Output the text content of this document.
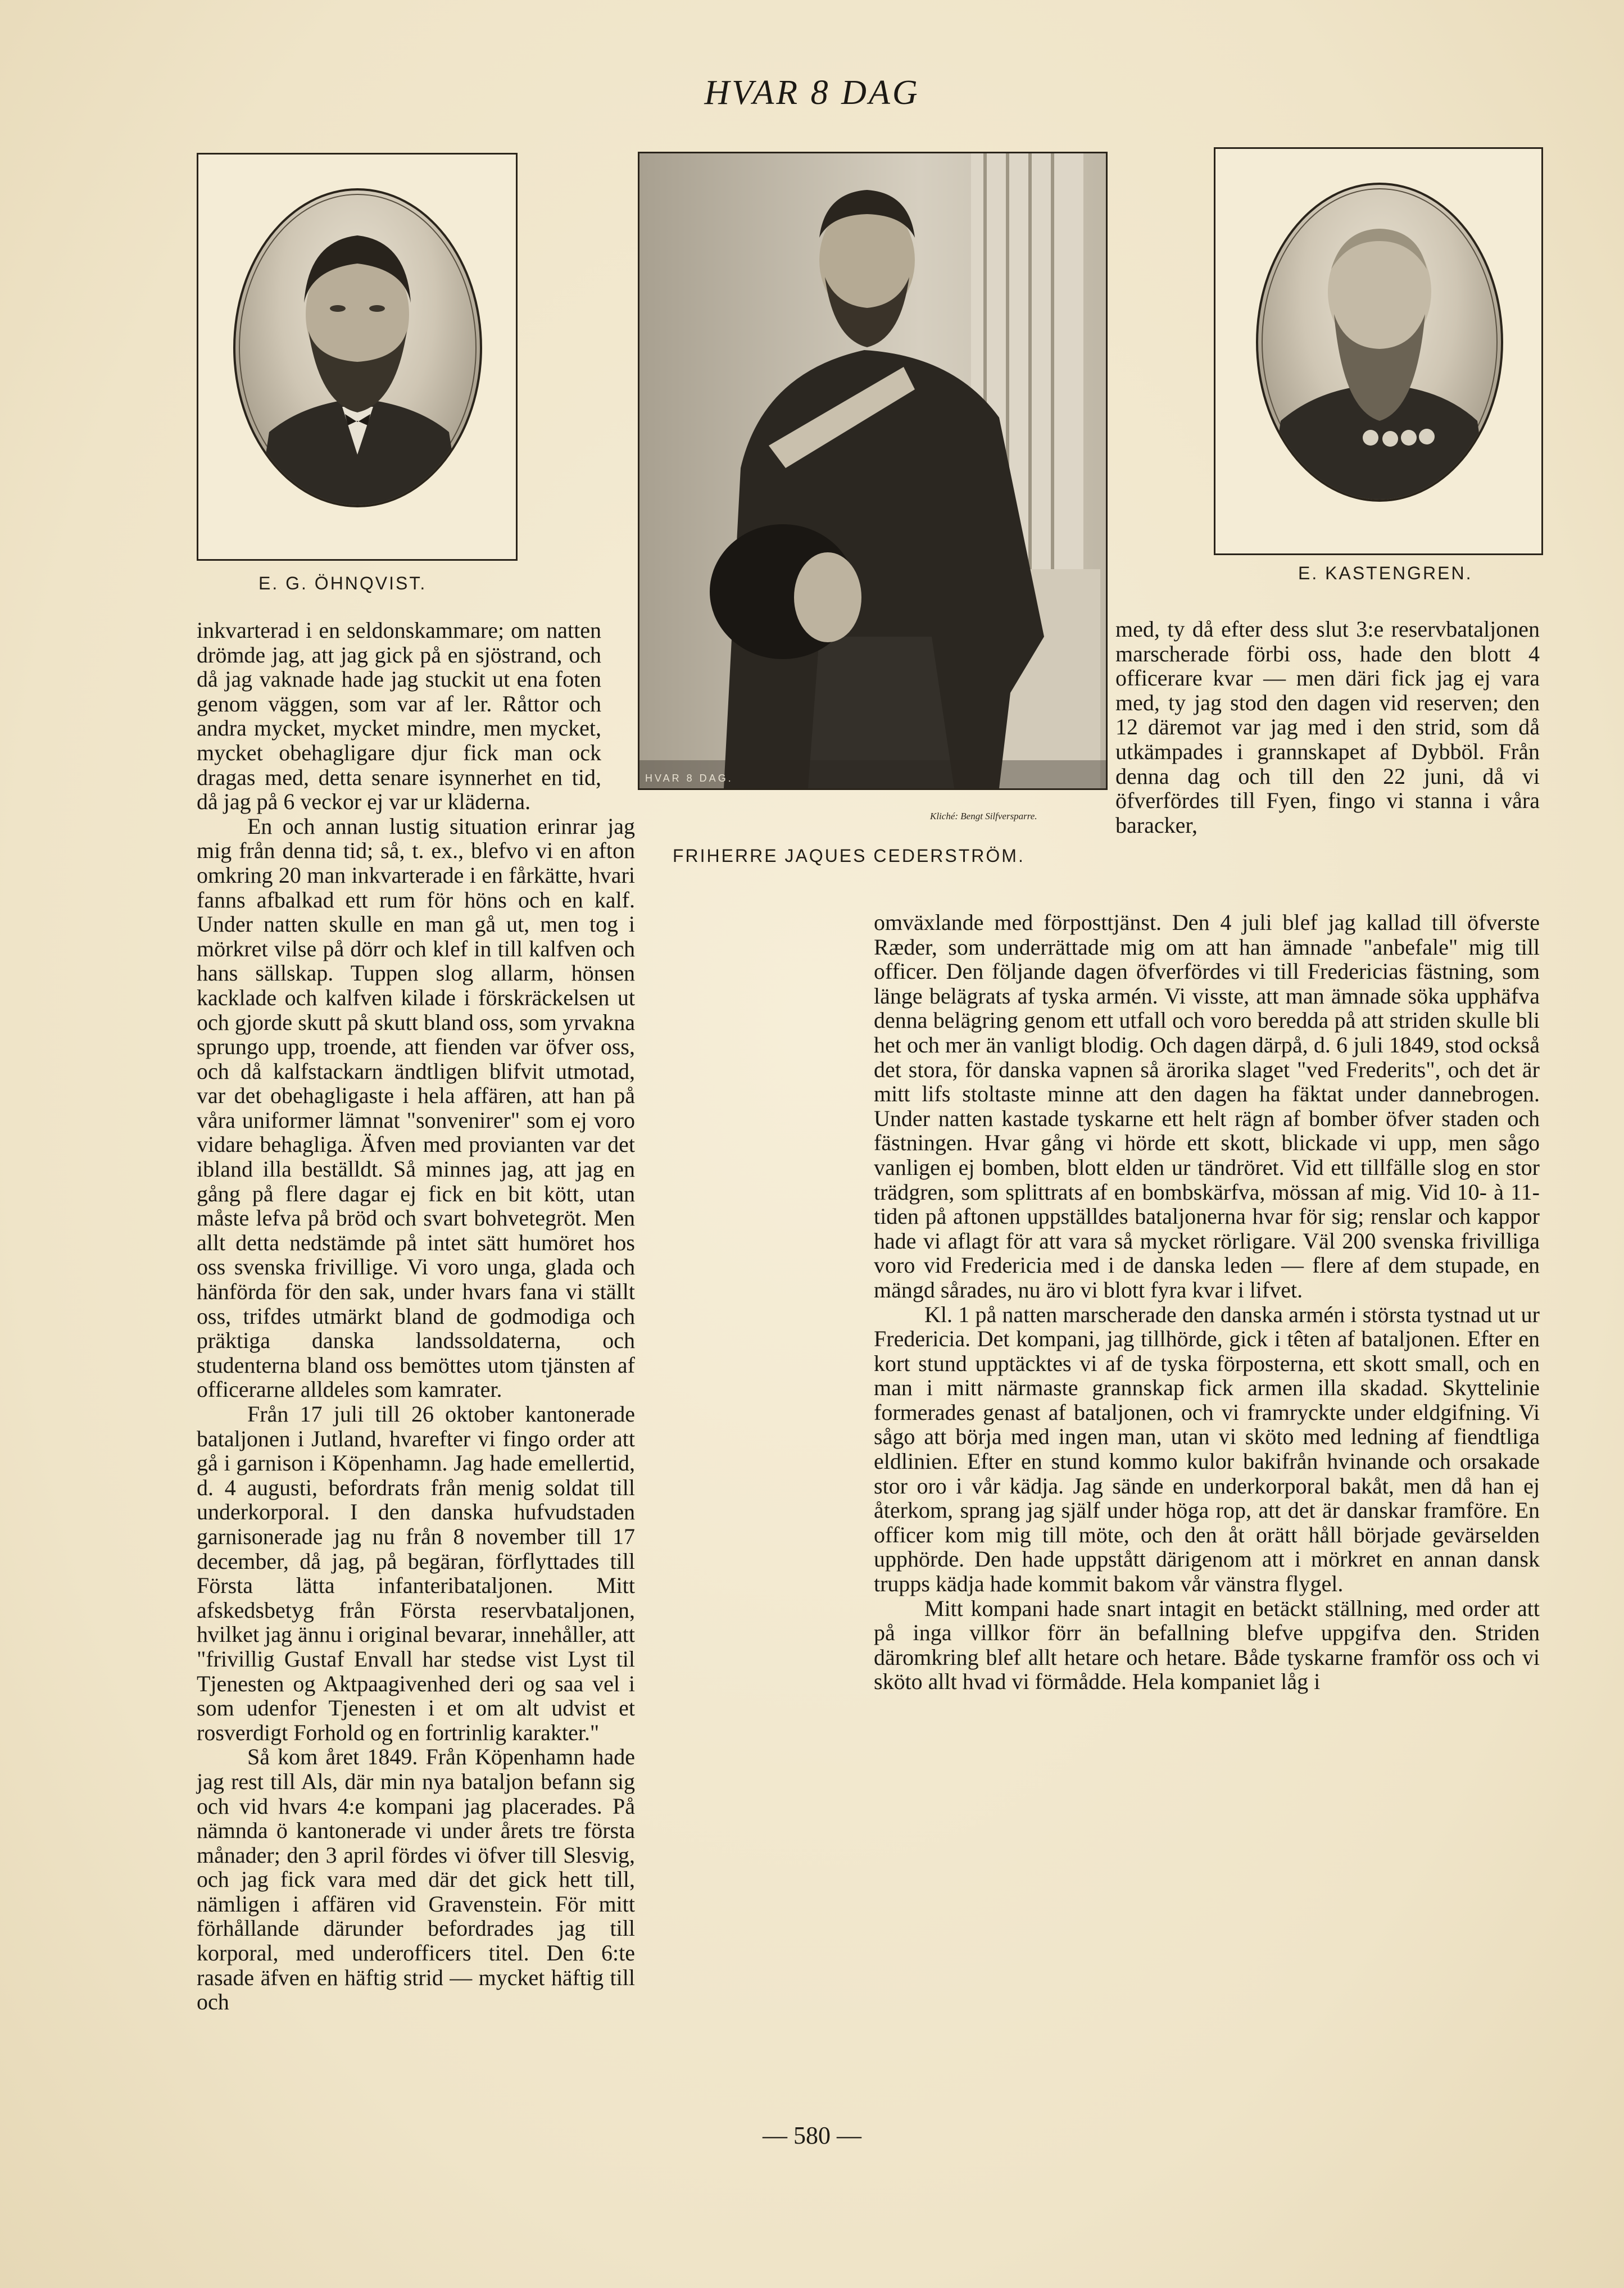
HVAR 8 DAG
E. G. ÖHNQVIST.
HVAR 8 DAG.
Kliché: Bengt Silfversparre.
FRIHERRE JAQUES CEDERSTRÖM.
E. KASTENGREN.

inkvarterad i en seldonskammare; om natten drömde jag, att jag gick på en sjöstrand, och då jag vaknade hade jag stuckit ut ena foten genom väggen, som var af ler. Råttor och andra mycket, mycket mindre, men mycket, mycket obehagligare djur fick man ock dragas med, detta senare isynnerhet en tid, då jag på 6 veckor ej var ur kläderna.

En och annan lustig situation erinrar jag mig från denna tid; så, t. ex., blefvo vi en afton omkring 20 man inkvarterade i en fårkätte, hvari fanns afbalkad ett rum för höns och en kalf. Under natten skulle en man gå ut, men tog i mörkret vilse på dörr och klef in till kalfven och hans sällskap. Tuppen slog allarm, hönsen kacklade och kalfven kilade i förskräckelsen ut och gjorde skutt på skutt bland oss, som yrvakna sprungo upp, troende, att fienden var öfver oss, och då kalfstackarn ändtligen blifvit utmotad, var det obehagligaste i hela affären, att han på våra uniformer lämnat "sonvenirer" som ej voro vidare behagliga. Äfven med provianten var det ibland illa beställdt. Så minnes jag, att jag en gång på flere dagar ej fick en bit kött, utan måste lefva på bröd och svart bohvetegröt. Men allt detta nedstämde på intet sätt humöret hos oss svenska frivillige. Vi voro unga, glada och hänförda för den sak, under hvars fana vi ställt oss, trifdes utmärkt bland de godmodiga och präktiga danska landssoldaterna, och studenterna bland oss bemöttes utom tjänsten af officerarne alldeles som kamrater.

Från 17 juli till 26 oktober kantonerade bataljonen i Jutland, hvarefter vi fingo order att gå i garnison i Köpenhamn. Jag hade emellertid, d. 4 augusti, befordrats från menig soldat till underkorporal. I den danska hufvudstaden garnisonerade jag nu från 8 november till 17 december, då jag, på begäran, förflyttades till Första lätta infanteribataljonen. Mitt afskedsbetyg från Första reservbataljonen, hvilket jag ännu i original bevarar, innehåller, att "frivillig Gustaf Envall har stedse vist Lyst til Tjenesten og Aktpaagivenhed deri og saa vel i som udenfor Tjenesten i et om alt udvist et rosverdigt Forhold og en fortrinlig karakter."

Så kom året 1849. Från Köpenhamn hade jag rest till Als, där min nya bataljon befann sig och vid hvars 4:e kompani jag placerades. På nämnda ö kantonerade vi under årets tre första månader; den 3 april fördes vi öfver till Slesvig, och jag fick vara med där det gick hett till, nämligen i affären vid Gravenstein. För mitt förhållande därunder befordrades jag till korporal, med underofficers titel. Den 6:te rasade äfven en häftig strid — mycket häftig till och

med, ty då efter dess slut 3:e reservbataljonen marscherade förbi oss, hade den blott 4 officerare kvar — men däri fick jag ej vara med, ty jag stod den dagen vid reserven; den 12 däremot var jag med i den strid, som då utkämpades i grannskapet af Dybböl. Från denna dag och till den 22 juni, då vi öfverfördes till Fyen, fingo vi stanna i våra baracker,

omväxlande med förposttjänst. Den 4 juli blef jag kallad till öfverste Ræder, som underrättade mig om att han ämnade "anbefale" mig till officer. Den följande dagen öfverfördes vi till Fredericias fästning, som länge belägrats af tyska armén. Vi visste, att man ämnade söka upphäfva denna belägring genom ett utfall och voro beredda på att striden skulle bli het och mer än vanligt blodig. Och dagen därpå, d. 6 juli 1849, stod också det stora, för danska vapnen så ärorika slaget "ved Frederits", och det är mitt lifs stoltaste minne att den dagen ha fäktat under dannebrogen. Under natten kastade tyskarne ett helt rägn af bomber öfver staden och fästningen. Hvar gång vi hörde ett skott, blickade vi upp, men sågo vanligen ej bomben, blott elden ur tändröret. Vid ett tillfälle slog en stor trädgren, som splittrats af en bombskärfva, mössan af mig. Vid 10- à 11-tiden på aftonen uppställdes bataljonerna hvar för sig; renslar och kappor hade vi aflagt för att vara så mycket rörligare. Väl 200 svenska frivilliga voro vid Fredericia med i de danska leden — flere af dem stupade, en mängd sårades, nu äro vi blott fyra kvar i lifvet.

Kl. 1 på natten marscherade den danska armén i största tystnad ut ur Fredericia. Det kompani, jag tillhörde, gick i têten af bataljonen. Efter en kort stund upptäcktes vi af de tyska förposterna, ett skott small, och en man i mitt närmaste grannskap fick armen illa skadad. Skyttelinie formerades genast af bataljonen, och vi framryckte under eldgifning. Vi sågo att börja med ingen man, utan vi sköto med ledning af fiendtliga eldlinien. Efter en stund kommo kulor bakifrån hvinande och orsakade stor oro i vår kädja. Jag sände en underkorporal bakåt, men då han ej återkom, sprang jag själf under höga rop, att det är danskar framföre. En officer kom mig till möte, och den åt orätt håll började gevärselden upphörde. Den hade uppstått därigenom att i mörkret en annan dansk trupps kädja hade kommit bakom vår vänstra flygel.

Mitt kompani hade snart intagit en betäckt ställning, med order att på inga villkor förr än befallning blefve uppgifva den. Striden däromkring blef allt hetare och hetare. Både tyskarne framför oss och vi sköto allt hvad vi förmådde. Hela kompaniet låg i

— 580 —
